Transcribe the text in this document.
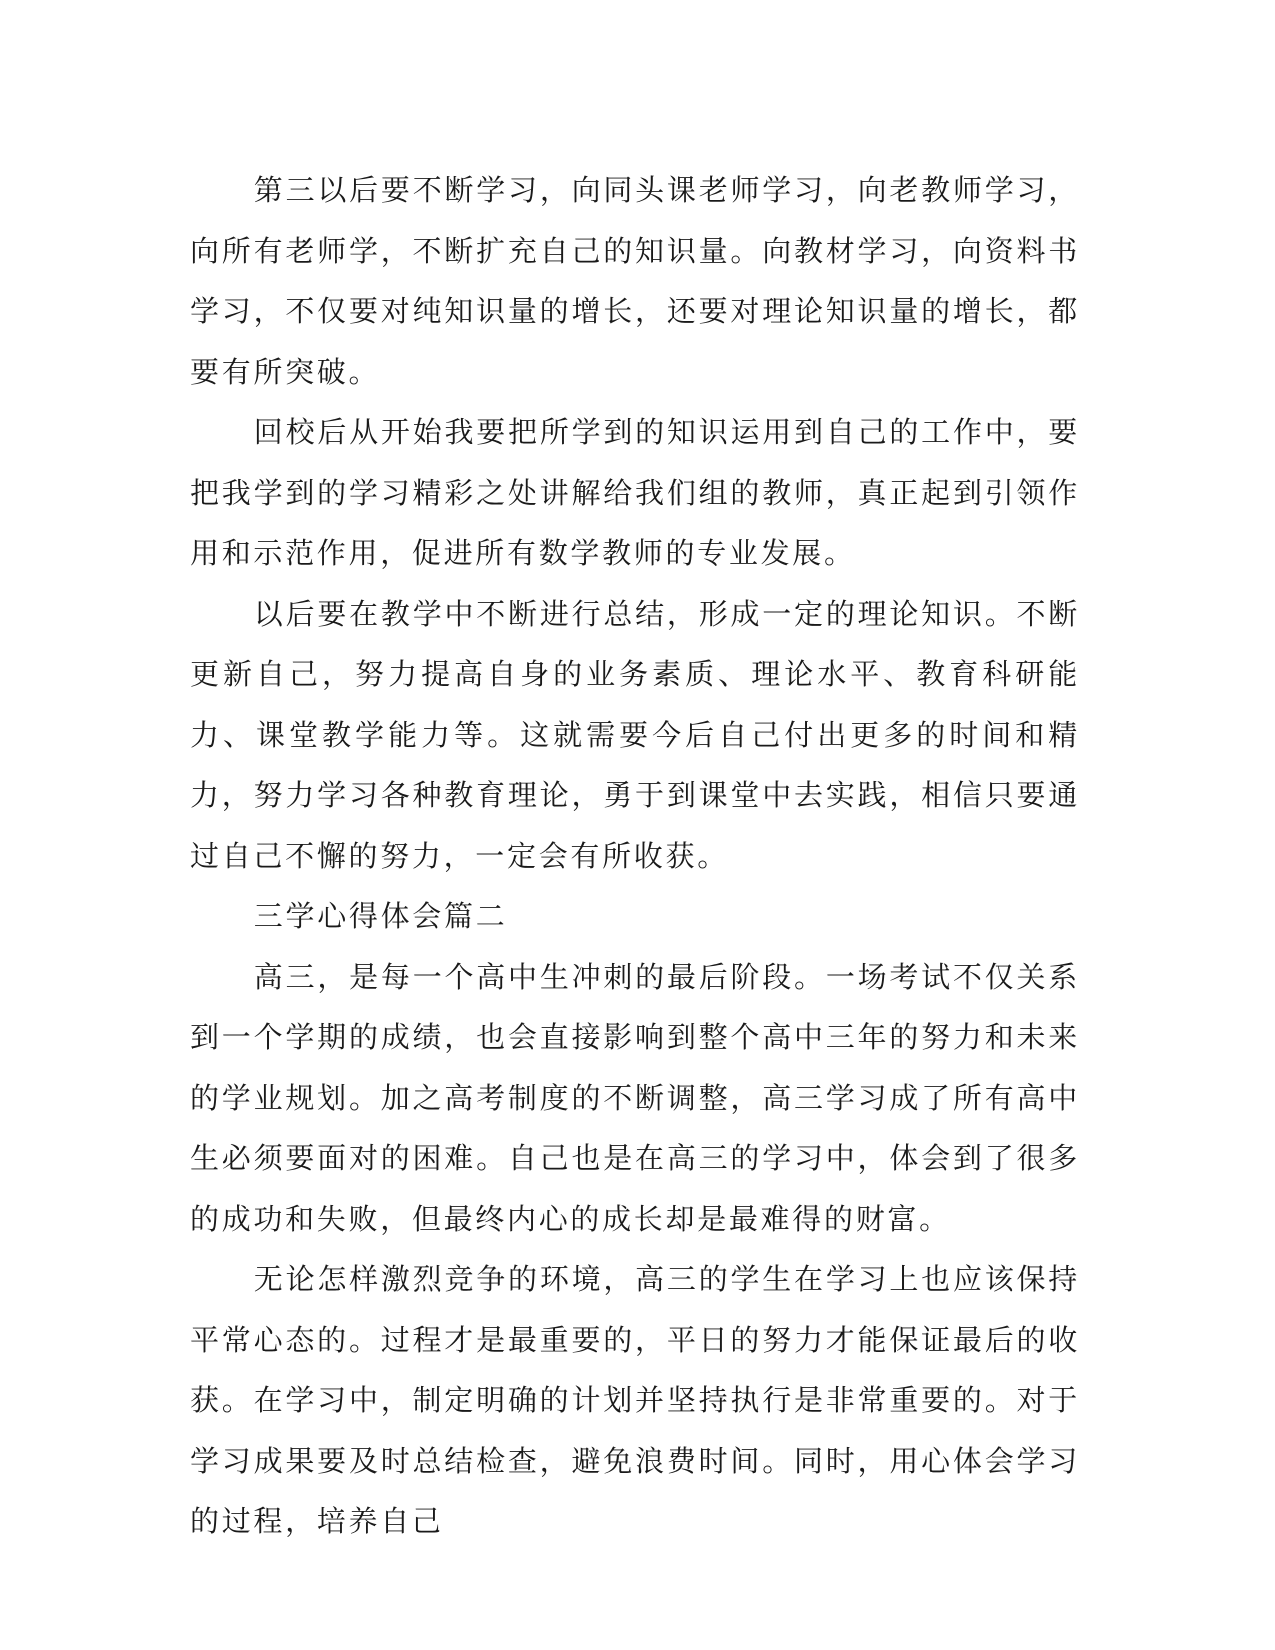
第三以后要不断学习，向同头课老师学习，向老教师学习，向所有老师学，不断扩充自己的知识量。向教材学习，向资料书学习，不仅要对纯知识量的增长，还要对理论知识量的增长，都要有所突破。

回校后从开始我要把所学到的知识运用到自己的工作中，要把我学到的学习精彩之处讲解给我们组的教师，真正起到引领作用和示范作用，促进所有数学教师的专业发展。

以后要在教学中不断进行总结，形成一定的理论知识。不断更新自己，努力提高自身的业务素质、理论水平、教育科研能力、课堂教学能力等。这就需要今后自己付出更多的时间和精力，努力学习各种教育理论，勇于到课堂中去实践，相信只要通过自己不懈的努力，一定会有所收获。

三学心得体会篇二

高三，是每一个高中生冲刺的最后阶段。一场考试不仅关系到一个学期的成绩，也会直接影响到整个高中三年的努力和未来的学业规划。加之高考制度的不断调整，高三学习成了所有高中生必须要面对的困难。自己也是在高三的学习中，体会到了很多的成功和失败，但最终内心的成长却是最难得的财富。

无论怎样激烈竞争的环境，高三的学生在学习上也应该保持平常心态的。过程才是最重要的，平日的努力才能保证最后的收获。在学习中，制定明确的计划并坚持执行是非常重要的。对于学习成果要及时总结检查，避免浪费时间。同时，用心体会学习的过程，培养自己
